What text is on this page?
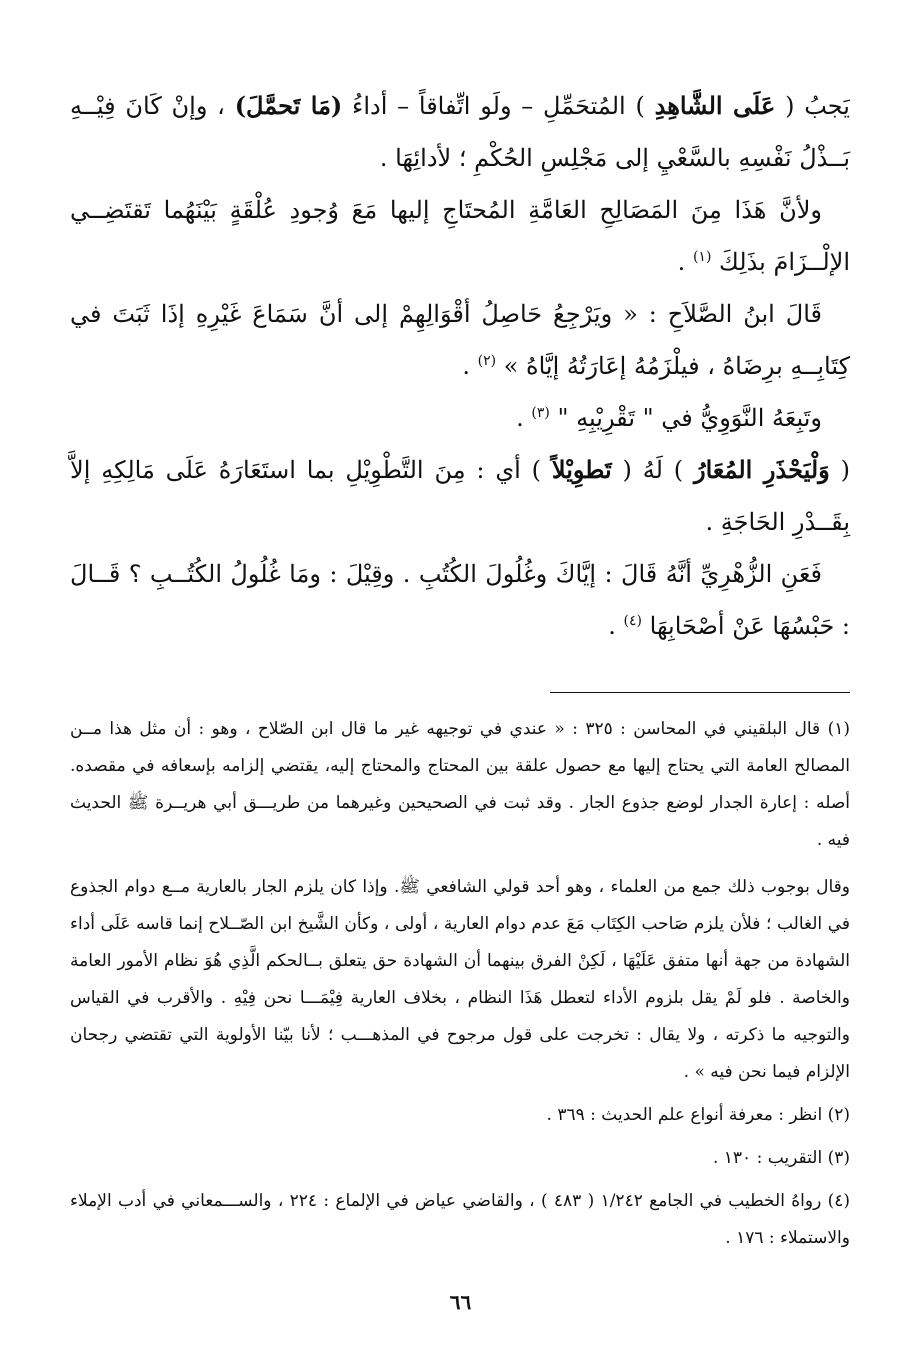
يَجبُ ( عَلَى الشَّاهِدِ ) المُتحَمِّلِ – ولَو اتِّفاقاً – أداءُ (مَا تَحمَّلَ) ، وإنْ كَانَ فِيْــهِ بَــذْلُ نَفْسِهِ بالسَّعْيِ إلى مَجْلِسِ الحُكْمِ ؛ لأدائِهَا .

ولأنَّ هَذَا مِنَ المَصَالِحِ العَامَّةِ المُحتَاجِ إليها مَعَ وُجودِ عُلْقَةٍ بَيْنَهُما تَقتَضِــي الإلْــزَامَ بذَلِكَ $^{(١)}$ .

قَالَ ابنُ الصَّلاَحِ : « ويَرْجِعُ حَاصِلُ أقْوَالِهِمْ إلى أنَّ سَمَاعَ غَيْرِهِ إذَا ثَبَتَ في كِتَابِــهِ برِضَاهُ ، فيلْزَمُهُ إعَارَتُهُ إيَّاهُ » $^{(٢)}$ .

وتَبِعَهُ النَّوَوِيُّ في " تَقْرِيْبِهِ " $^{(٣)}$ .

( وَلْيَحْذَرِ المُعَارُ ) لَهُ ( تَطوِيْلاً ) أي : مِنَ التَّطْوِيْلِ بما استَعَارَهُ عَلَى مَالِكِهِ إلاَّ بِقَــدْرِ الحَاجَةِ .

فَعَنِ الزُّهْرِيِّ أنَّهُ قَالَ : إيَّاكَ وغُلُولَ الكُتُبِ . وقِيْلَ : ومَا غُلُولُ الكُتُــبِ ؟ قَــالَ : حَبْسُهَا عَنْ أصْحَابِهَا $^{(٤)}$ .

(١) قال البلقيني في المحاسن : ٣٢٥ : « عندي في توجيهه غير ما قال ابن الصّلاح ، وهو : أن مثل هذا مــن المصالح العامة التي يحتاج إليها مع حصول علقة بين المحتاج والمحتاج إليه، يقتضي إلزامه بإسعافه في مقصده. أصله : إعارة الجدار لوضع جذوع الجار . وقد ثبت في الصحيحين وغيرهما من طريـــق أبي هريــرة ﷺ الحديث فيه .

وقال بوجوب ذلك جمع من العلماء ، وهو أحد قولي الشافعي ﷺ. وإذا كان يلزم الجار بالعارية مــع دوام الجذوع في الغالب ؛ فلأن يلزم صَاحب الكِتَاب مَعَ عدم دوام العارية ، أولى ، وكأن الشَّيخ ابن الصّــلاح إنما قاسه عَلَى أداء الشهادة من جهة أنها متفق عَلَيْهَا ، لَكِنْ الفرق بينهما أن الشهادة حق يتعلق بــالحكم الَّذِي هُوَ نظام الأمور العامة والخاصة . فلو لَمْ يقل بلزوم الأداء لتعطل هَذَا النظام ، بخلاف العارية فِيْمَـــا نحن فِيْهِ . والأقرب في القياس والتوجيه ما ذكرته ، ولا يقال : تخرجت على قول مرجوح في المذهـــب ؛ لأنا بيّنا الأولوية التي تقتضي رجحان الإلزام فيما نحن فيه » .

(٢) انظر : معرفة أنواع علم الحديث : ٣٦٩ .

(٣) التقريب : ١٣٠ .

(٤) رواهُ الخطيب في الجامع ١/٢٤٢ ( ٤٨٣ ) ، والقاضي عياض في الإلماع : ٢٢٤ ، والســـمعاني في أدب الإملاء والاستملاء : ١٧٦ .

٦٦
